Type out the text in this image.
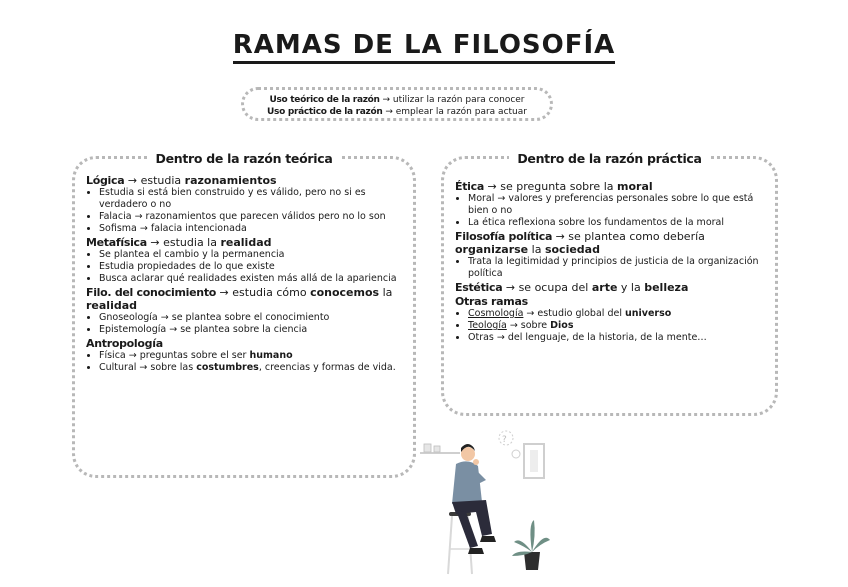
RAMAS DE LA FILOSOFÍA
Uso teórico de la razón → utilizar la razón para conocer
Uso práctico de la razón → emplear la razón para actuar
Dentro de la razón teórica
Lógica → estudia razonamientos
• Estudia si está bien construido y es válido, pero no si es verdadero o no
• Falacia → razonamientos que parecen válidos pero no lo son
• Sofisma → falacia intencionada
Metafísica → estudia la realidad
• Se plantea el cambio y la permanencia
• Estudia propiedades de lo que existe
• Busca aclarar qué realidades existen más allá de la apariencia
Filo. del conocimiento → estudia cómo conocemos la realidad
• Gnoseología → se plantea sobre el conocimiento
• Epistemología → se plantea sobre la ciencia
Antropología
• Física → preguntas sobre el ser humano
• Cultural → sobre las costumbres, creencias y formas de vida.
Dentro de la razón práctica
Ética → se pregunta sobre la moral
• Moral → valores y preferencias personales sobre lo que está bien o no
• La ética reflexiona sobre los fundamentos de la moral
Filosofía política → se plantea como debería organizarse la sociedad
• Trata la legitimidad y principios de justicia de la organización política
Estética → se ocupa del arte y la belleza
Otras ramas
• Cosmología → estudio global del universo
• Teología → sobre Dios
• Otras → del lenguaje, de la historia, de la mente…
?
